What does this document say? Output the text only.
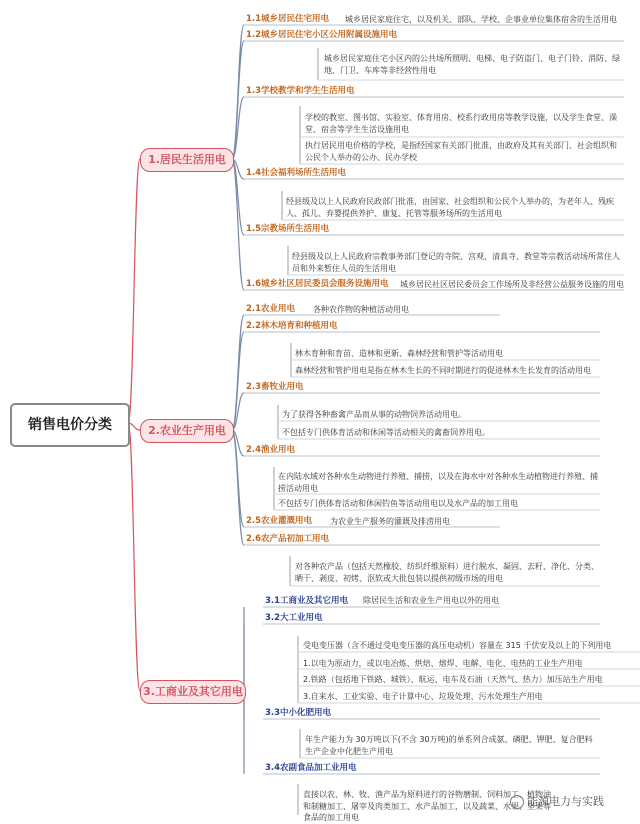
销售电价分类
1.居民生活用电
2.农业生产用电
3.工商业及其它用电
1.1城乡居民住宅用电 城乡居民家庭住宅，以及机关、部队、学校、企事业单位集体宿舍的生活用电
1.2城乡居民住宅小区公用附属设施用电
城乡居民家庭住宅小区内的公共场所照明、电梯、电子防盗门、电子门铃、消防、绿地、门卫、车库等非经营性用电
1.3学校教学和学生生活用电
学校的教室、图书馆、实验室、体育用房、校系行政用房等教学设施，以及学生食堂、澡堂、宿舍等学生生活设施用电
执行居民用电价格的学校，是指经国家有关部门批准，由政府及其有关部门、社会组织和公民个人举办的公办、民办学校
1.4社会福利场所生活用电
经县级及以上人民政府民政部门批准，由国家、社会组织和公民个人举办的，为老年人、残疾人、孤儿、弃婴提供养护、康复、托管等服务场所的生活用电
1.5宗教场所生活用电
经县级及以上人民政府宗教事务部门登记的寺院、宫观、清真寺、教堂等宗教活动场所常住人员和外来暂住人员的生活用电
1.6城乡社区居民委员会服务设施用电 城乡居民社区居民委员会工作场所及非经营公益服务设施的用电
2.1农业用电 各种农作物的种植活动用电
2.2林木培育和种植用电
林木育种和育苗、造林和更新、森林经营和管护等活动用电
森林经营和管护用电是指在林木生长的不同时期进行的促进林木生长发育的活动用电
2.3畜牧业用电
为了获得各种畜禽产品而从事的动物饲养活动用电。
不包括专门供体育活动和休闲等活动相关的禽畜饲养用电。
2.4渔业用电
在内陆水域对各种水生动物进行养殖、捕捞，以及在海水中对各种水生动植物进行养殖、捕捞活动用电
不包括专门供体育活动和休闲钓鱼等活动用电以及水产品的加工用电
2.5农业灌溉用电 为农业生产服务的灌溉及排涝用电
2.6农产品初加工用电
对各种农产品（包括天然橡胶、纺织纤维原料）进行脱水、凝固、去籽、净化、分类、晒干、剥皮、初烤、沤软或大批包装以提供初级市场的用电
3.1工商业及其它用电 除居民生活和农业生产用电以外的用电
3.2大工业用电
受电变压器（含不通过受电变压器的高压电动机）容量在 315 千伏安及以上的下列用电
1.以电为原动力，或以电冶炼、烘焙、熔焊、电解、电化、电热的工业生产用电
2.铁路（包括地下铁路、城铁）、航运、电车及石油（天然气、热力）加压站生产用电
3.自来水、工业实验、电子计算中心、垃圾处理、污水处理生产用电
3.3中小化肥用电
年生产能力为 30万吨以下(不含 30万吨)的单系列合成氨、磷肥、钾肥、复合肥料生产企业中化肥生产用电
3.4农副食品加工业用电
直接以农、林、牧、渔产品为原料进行的谷物磨制、饲料加工、植物油和制糖加工、屠宰及肉类加工、水产品加工，以及蔬菜、水果、坚果等食品的加工用电
能源电力与实践
